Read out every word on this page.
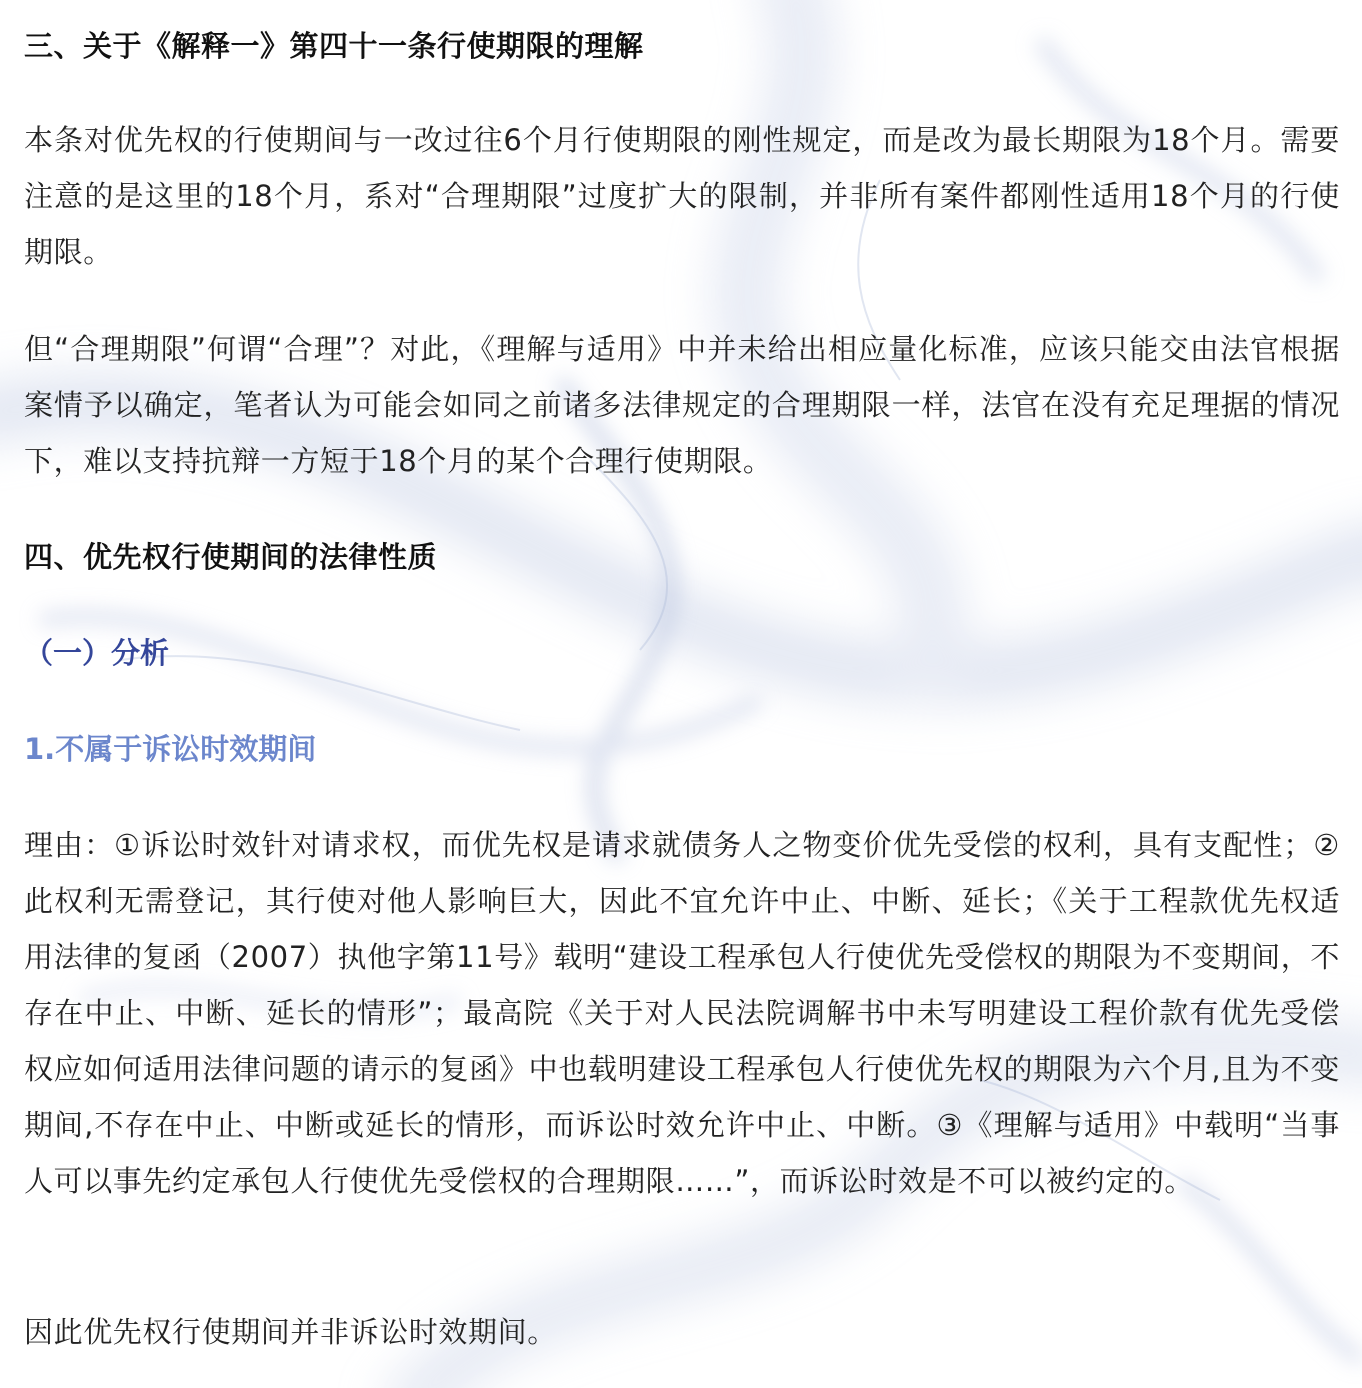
三、关于《解释一》第四十一条行使期限的理解
本条对优先权的行使期间与一改过往6个月行使期限的刚性规定，而是改为最长期限为18个月。需要注意的是这里的18个月，系对“合理期限”过度扩大的限制，并非所有案件都刚性适用18个月的行使期限。
但“合理期限”何谓“合理”？对此，《理解与适用》中并未给出相应量化标准，应该只能交由法官根据案情予以确定，笔者认为可能会如同之前诸多法律规定的合理期限一样，法官在没有充足理据的情况下，难以支持抗辩一方短于18个月的某个合理行使期限。
四、优先权行使期间的法律性质
（一）分析
1.不属于诉讼时效期间
理由：①诉讼时效针对请求权，而优先权是请求就债务人之物变价优先受偿的权利，具有支配性；②此权利无需登记，其行使对他人影响巨大，因此不宜允许中止、中断、延长；《关于工程款优先权适用法律的复函（2007）执他字第11号》载明“建设工程承包人行使优先受偿权的期限为不变期间，不存在中止、中断、延长的情形”；最高院《关于对人民法院调解书中未写明建设工程价款有优先受偿权应如何适用法律问题的请示的复函》中也载明建设工程承包人行使优先权的期限为六个月,且为不变期间,不存在中止、中断或延长的情形，而诉讼时效允许中止、中断。③《理解与适用》中载明“当事人可以事先约定承包人行使优先受偿权的合理期限……”，而诉讼时效是不可以被约定的。
因此优先权行使期间并非诉讼时效期间。
